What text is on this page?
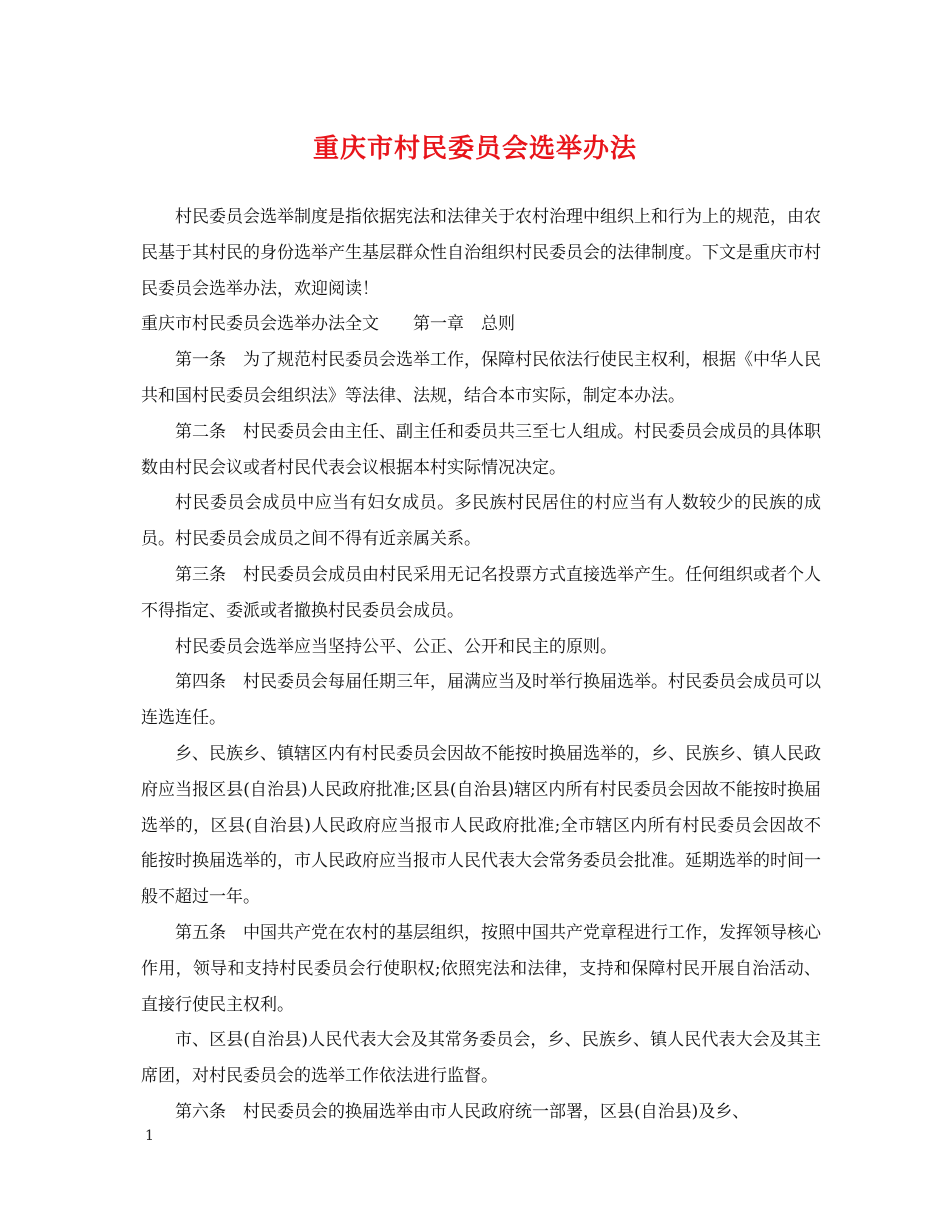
重庆市村民委员会选举办法

村民委员会选举制度是指依据宪法和法律关于农村治理中组织上和行为上的规范，由农民基于其村民的身份选举产生基层群众性自治组织村民委员会的法律制度。下文是重庆市村民委员会选举办法，欢迎阅读！

重庆市村民委员会选举办法全文　　第一章　总则

第一条　为了规范村民委员会选举工作，保障村民依法行使民主权利，根据《中华人民共和国村民委员会组织法》等法律、法规，结合本市实际，制定本办法。

第二条　村民委员会由主任、副主任和委员共三至七人组成。村民委员会成员的具体职数由村民会议或者村民代表会议根据本村实际情况决定。

村民委员会成员中应当有妇女成员。多民族村民居住的村应当有人数较少的民族的成员。村民委员会成员之间不得有近亲属关系。

第三条　村民委员会成员由村民采用无记名投票方式直接选举产生。任何组织或者个人不得指定、委派或者撤换村民委员会成员。

村民委员会选举应当坚持公平、公正、公开和民主的原则。

第四条　村民委员会每届任期三年，届满应当及时举行换届选举。村民委员会成员可以连选连任。

乡、民族乡、镇辖区内有村民委员会因故不能按时换届选举的，乡、民族乡、镇人民政府应当报区县(自治县)人民政府批准;区县(自治县)辖区内所有村民委员会因故不能按时换届选举的，区县(自治县)人民政府应当报市人民政府批准;全市辖区内所有村民委员会因故不能按时换届选举的，市人民政府应当报市人民代表大会常务委员会批准。延期选举的时间一般不超过一年。

第五条　中国共产党在农村的基层组织，按照中国共产党章程进行工作，发挥领导核心作用，领导和支持村民委员会行使职权;依照宪法和法律，支持和保障村民开展自治活动、直接行使民主权利。

市、区县(自治县)人民代表大会及其常务委员会，乡、民族乡、镇人民代表大会及其主席团，对村民委员会的选举工作依法进行监督。

第六条　村民委员会的换届选举由市人民政府统一部署，区县(自治县)及乡、

1
